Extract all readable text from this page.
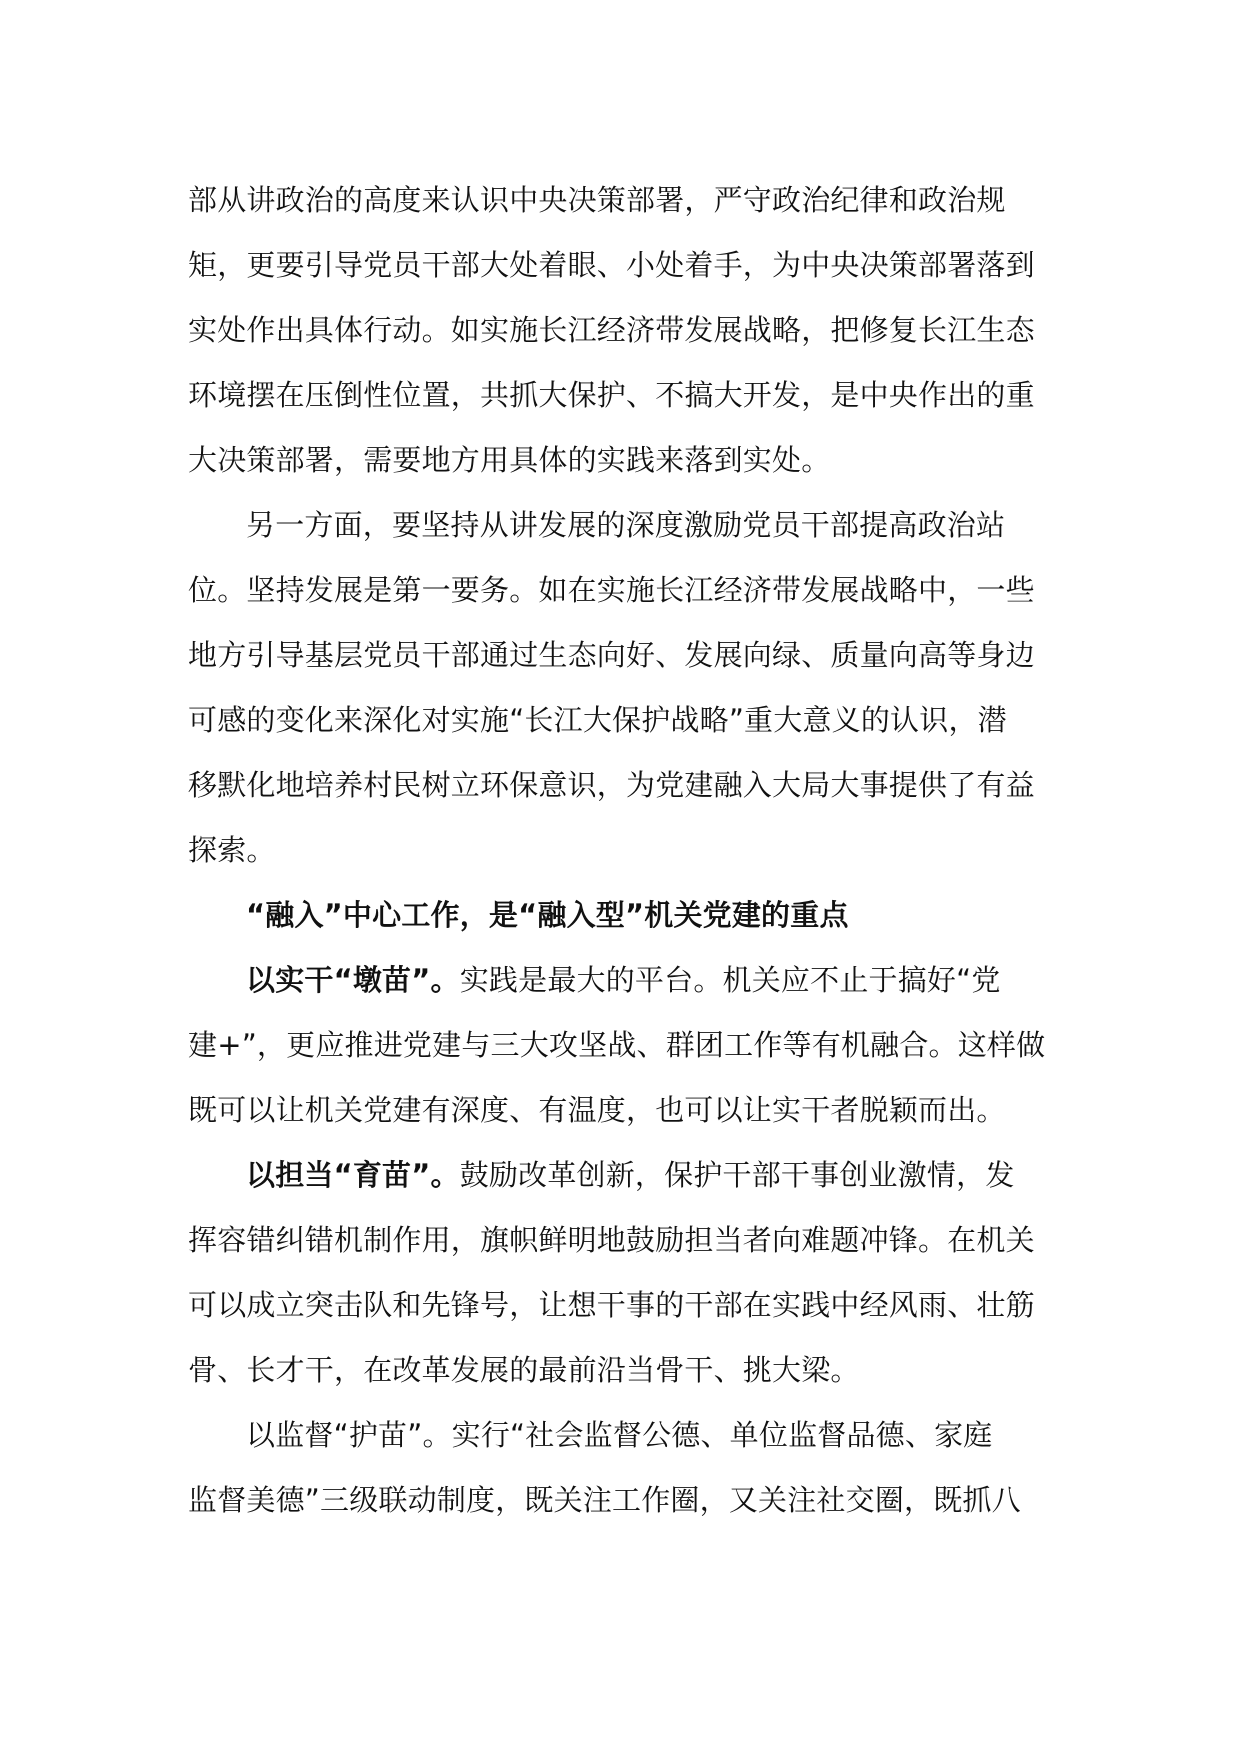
部从讲政治的高度来认识中央决策部署，严守政治纪律和政治规
矩，更要引导党员干部大处着眼、小处着手，为中央决策部署落到
实处作出具体行动。如实施长江经济带发展战略，把修复长江生态
环境摆在压倒性位置，共抓大保护、不搞大开发，是中央作出的重
大决策部署，需要地方用具体的实践来落到实处。
另一方面，要坚持从讲发展的深度激励党员干部提高政治站
位。坚持发展是第一要务。如在实施长江经济带发展战略中，一些
地方引导基层党员干部通过生态向好、发展向绿、质量向高等身边
可感的变化来深化对实施“长江大保护战略”重大意义的认识，潜
移默化地培养村民树立环保意识，为党建融入大局大事提供了有益
探索。
“融入”中心工作，是“融入型”机关党建的重点
以实干“墩苗”。实践是最大的平台。机关应不止于搞好“党
建+”，更应推进党建与三大攻坚战、群团工作等有机融合。这样做
既可以让机关党建有深度、有温度，也可以让实干者脱颖而出。
以担当“育苗”。鼓励改革创新，保护干部干事创业激情，发
挥容错纠错机制作用，旗帜鲜明地鼓励担当者向难题冲锋。在机关
可以成立突击队和先锋号，让想干事的干部在实践中经风雨、壮筋
骨、长才干，在改革发展的最前沿当骨干、挑大梁。
以监督“护苗”。实行“社会监督公德、单位监督品德、家庭
监督美德”三级联动制度，既关注工作圈，又关注社交圈，既抓八
